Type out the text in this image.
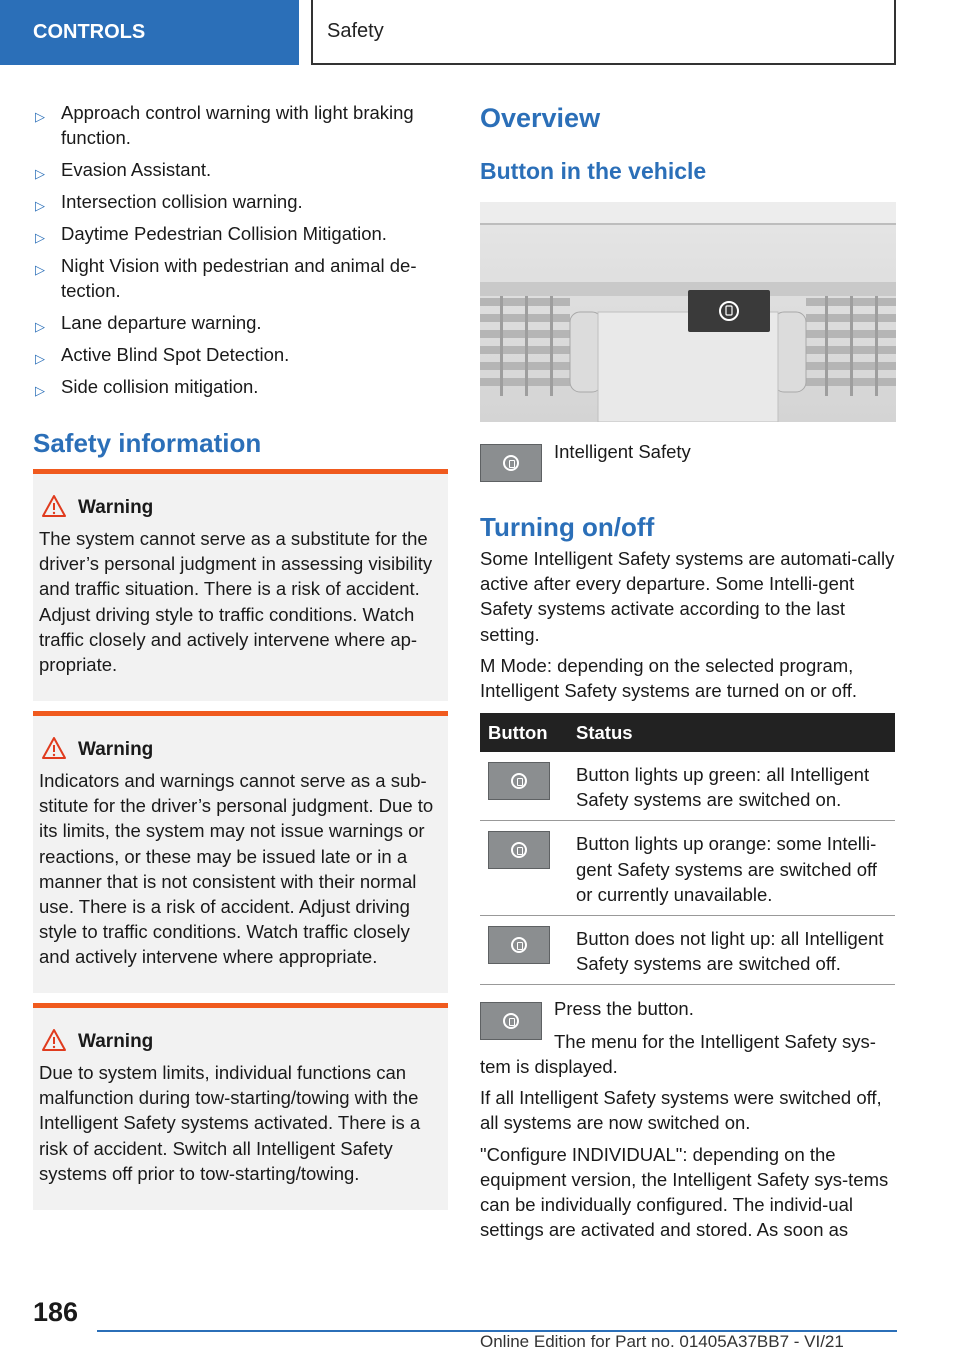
CONTROLS	Safety
▷ Approach control warning with light braking function.
▷ Evasion Assistant.
▷ Intersection collision warning.
▷ Daytime Pedestrian Collision Mitigation.
▷ Night Vision with pedestrian and animal de-tection.
▷ Lane departure warning.
▷ Active Blind Spot Detection.
▷ Side collision mitigation.
Safety information
Warning
The system cannot serve as a substitute for the driver’s personal judgment in assessing visibility and traffic situation. There is a risk of accident. Adjust driving style to traffic conditions. Watch traffic closely and actively intervene where ap-propriate.
Warning
Indicators and warnings cannot serve as a sub-stitute for the driver’s personal judgment. Due to its limits, the system may not issue warnings or reactions, or these may be issued late or in a manner that is not consistent with their normal use. There is a risk of accident. Adjust driving style to traffic conditions. Watch traffic closely and actively intervene where appropriate.
Warning
Due to system limits, individual functions can malfunction during tow-starting/towing with the Intelligent Safety systems activated. There is a risk of accident. Switch all Intelligent Safety systems off prior to tow-starting/towing.
Overview
Button in the vehicle
Intelligent Safety
Turning on/off
Some Intelligent Safety systems are automati-cally active after every departure. Some Intelli-gent Safety systems activate according to the last setting.
M Mode: depending on the selected program, Intelligent Safety systems are turned on or off.
Button	Status

	Button lights up green: all Intelligent Safety systems are switched on.

	Button lights up orange: some Intelli-gent Safety systems are switched off or currently unavailable.

	Button does not light up: all Intelligent Safety systems are switched off.
Press the button.
The menu for the Intelligent Safety sys-
tem is displayed.
If all Intelligent Safety systems were switched off, all systems are now switched on.
"Configure INDIVIDUAL": depending on the equipment version, the Intelligent Safety sys-tems can be individually configured. The individ-ual settings are activated and stored. As soon as
186
Online Edition for Part no. 01405A37BB7 - VI/21
